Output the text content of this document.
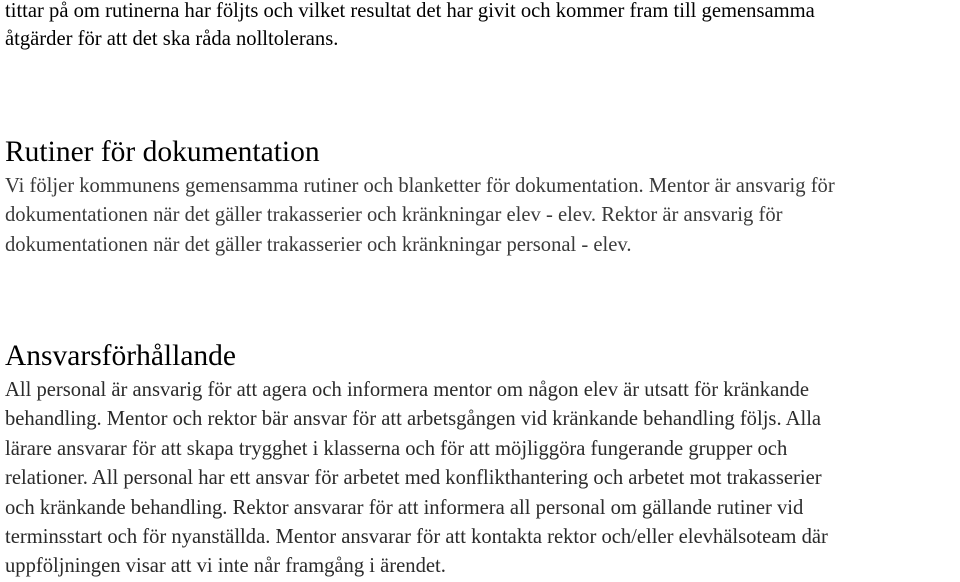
tittar på om rutinerna har följts och vilket resultat det har givit och kommer fram till gemensamma

åtgärder för att det ska råda nolltolerans.

Rutiner för dokumentation

Vi följer kommunens gemensamma rutiner och blanketter för dokumentation. Mentor är ansvarig för

dokumentationen när det gäller trakasserier och kränkningar elev - elev. Rektor är ansvarig för

dokumentationen när det gäller trakasserier och kränkningar personal - elev.

Ansvarsförhållande

All personal är ansvarig för att agera och informera mentor om någon elev är utsatt för kränkande

behandling. Mentor och rektor bär ansvar för att arbetsgången vid kränkande behandling följs. Alla

lärare ansvarar för att skapa trygghet i klasserna och för att möjliggöra fungerande grupper och

relationer. All personal har ett ansvar för arbetet med konflikthantering och arbetet mot trakasserier

och kränkande behandling. Rektor ansvarar för att informera all personal om gällande rutiner vid

terminsstart och för nyanställda. Mentor ansvarar för att kontakta rektor och/eller elevhälsoteam där

uppföljningen visar att vi inte når framgång i ärendet.
